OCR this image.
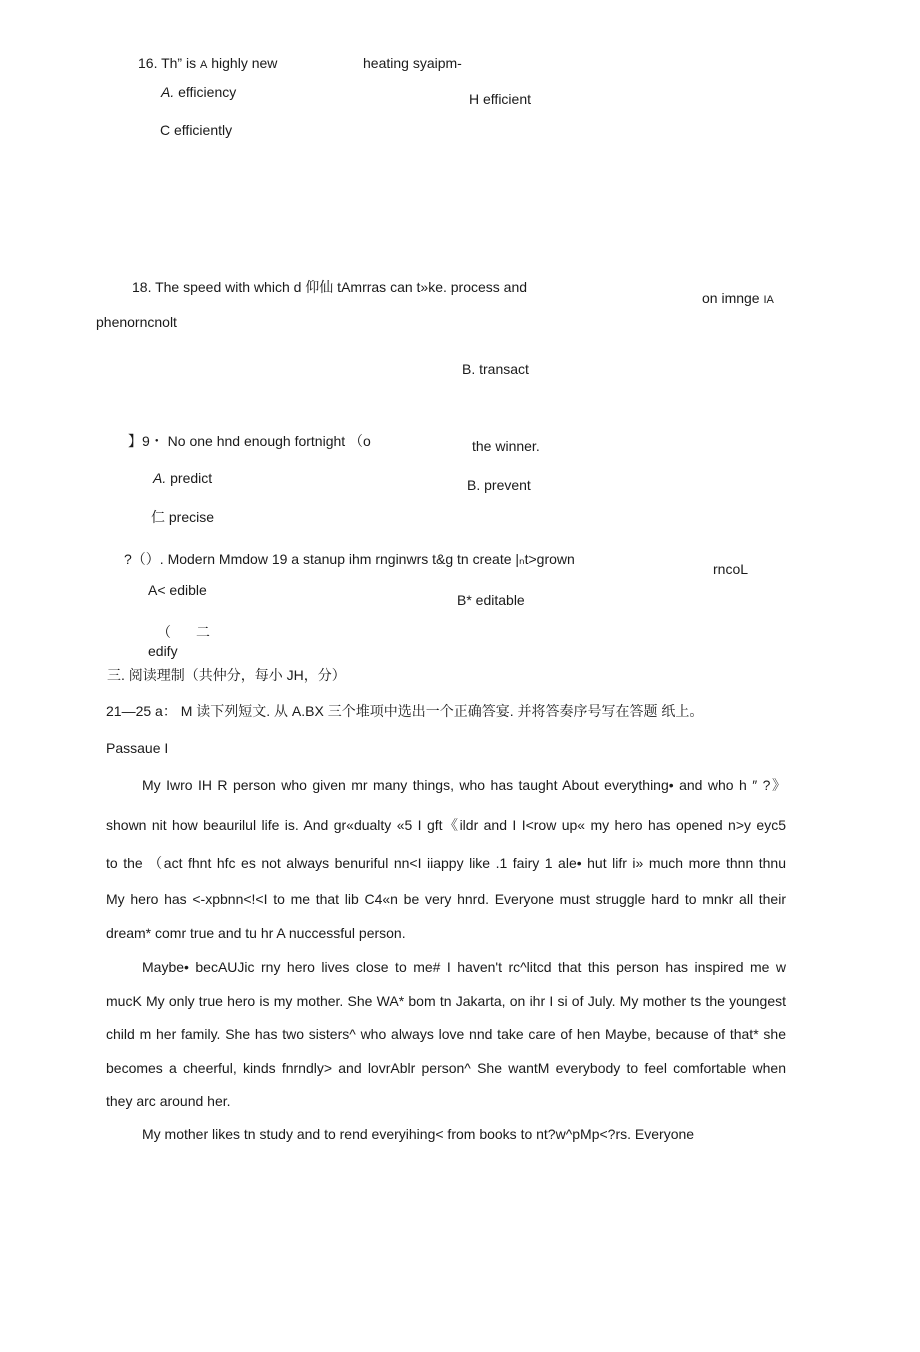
16. Th” is A highly new	heating syaipm-
A. efficiency	H efficient
C efficiently
18. The speed with which d 仰仙 tAmrras can t»ke. process and
on imnge IA
phenorncnolt
B. transact
】9・ No one hnd enough fortnight （o	the winner.
A. predict	B. prevent
仁 precise
?（）. Modern Mmdow 19 a stanup ihm rnginwrs t&g tn create |ₙt>grown
rncoL
A< edible
B* editable
（ 二
edify
三. 阅读理制（共仲分，每小 JH，分）
21—25 a： M 读下列短文. 从 A.BX 三个堆项中选出一个正确答宴. 并将答奏序号写在答题 纸上。
Passaue I
My Iwro IH R person who given mr many things, who has taught About everything• and who h ″ ?》
shown nit how beaurilul life is. And gr«dualty «5 I gft《ildr and I I<row up« my hero has opened n>y eyc5
to the （act fhnt hfc es not always benuriful nn<I iiappy like .1 fairy 1 ale• hut lifr i» much more thnn thnu
My hero has <-xpbnn<!<I to me that lib C4«n be very hnrd. Everyone must struggle hard to mnkr all their
dream* comr true and tu hr A nuccessful person.
Maybe• becAUJic rny hero lives close to me# I haven't rc^litcd that this person has inspired me w
mucK My only true hero is my mother. She WA* bom tn Jakarta, on ihr I si of July. My mother ts the youngest
child m her family. She has two sisters^ who always love nnd take care of hen Maybe, because of that* she
becomes a cheerful, kinds fnrndly> and lovrAblr person^ She wantM everybody to feel comfortable when
they arc around her.
My mother likes tn study and to rend everyihing< from books to nt?w^pMp<?rs. Everyone
